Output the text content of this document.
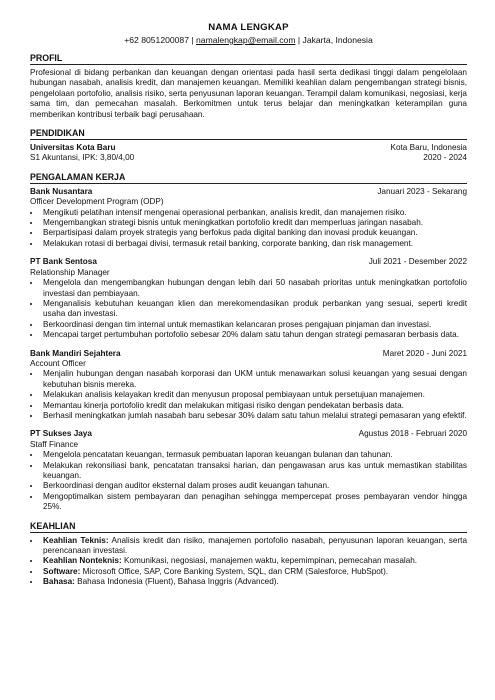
NAMA LENGKAP
+62 8051200087 | namalengkap@email.com | Jakarta, Indonesia
PROFIL
Profesional di bidang perbankan dan keuangan dengan orientasi pada hasil serta dedikasi tinggi dalam pengelolaan hubungan nasabah, analisis kredit, dan manajemen keuangan. Memiliki keahlian dalam pengembangan strategi bisnis, pengelolaan portofolio, analisis risiko, serta penyusunan laporan keuangan. Terampil dalam komunikasi, negosiasi, kerja sama tim, dan pemecahan masalah. Berkomitmen untuk terus belajar dan meningkatkan keterampilan guna memberikan kontribusi terbaik bagi perusahaan.
PENDIDIKAN
Universitas Kota Baru	Kota Baru, Indonesia
S1 Akuntansi, IPK: 3,80/4,00	2020 - 2024
PENGALAMAN KERJA
Bank Nusantara	Januari 2023 - Sekarang
Officer Development Program (ODP)
• Mengikuti pelatihan intensif mengenai operasional perbankan, analisis kredit, dan manajemen risiko.
• Mengembangkan strategi bisnis untuk meningkatkan portofolio kredit dan memperluas jaringan nasabah.
• Berpartisipasi dalam proyek strategis yang berfokus pada digital banking dan inovasi produk keuangan.
• Melakukan rotasi di berbagai divisi, termasuk retail banking, corporate banking, dan risk management.
PT Bank Sentosa	Juli 2021 - Desember 2022
Relationship Manager
• Mengelola dan mengembangkan hubungan dengan lebih dari 50 nasabah prioritas untuk meningkatkan portofolio investasi dan pembiayaan.
• Menganalisis kebutuhan keuangan klien dan merekomendasikan produk perbankan yang sesuai, seperti kredit usaha dan investasi.
• Berkoordinasi dengan tim internal untuk memastikan kelancaran proses pengajuan pinjaman dan investasi.
• Mencapai target pertumbuhan portofolio sebesar 20% dalam satu tahun dengan strategi pemasaran berbasis data.
Bank Mandiri Sejahtera	Maret 2020 - Juni 2021
Account Officer
• Menjalin hubungan dengan nasabah korporasi dan UKM untuk menawarkan solusi keuangan yang sesuai dengan kebutuhan bisnis mereka.
• Melakukan analisis kelayakan kredit dan menyusun proposal pembiayaan untuk persetujuan manajemen.
• Memantau kinerja portofolio kredit dan melakukan mitigasi risiko dengan pendekatan berbasis data.
• Berhasil meningkatkan jumlah nasabah baru sebesar 30% dalam satu tahun melalui strategi pemasaran yang efektif.
PT Sukses Jaya	Agustus 2018 - Februari 2020
Staff Finance
• Mengelola pencatatan keuangan, termasuk pembuatan laporan keuangan bulanan dan tahunan.
• Melakukan rekonsiliasi bank, pencatatan transaksi harian, dan pengawasan arus kas untuk memastikan stabilitas keuangan.
• Berkoordinasi dengan auditor eksternal dalam proses audit keuangan tahunan.
• Mengoptimalkan sistem pembayaran dan penagihan sehingga mempercepat proses pembayaran vendor hingga 25%.
KEAHLIAN
• Keahlian Teknis: Analisis kredit dan risiko, manajemen portofolio nasabah, penyusunan laporan keuangan, serta perencanaan investasi.
• Keahlian Nonteknis: Komunikasi, negosiasi, manajemen waktu, kepemimpinan, pemecahan masalah.
• Software: Microsoft Office, SAP, Core Banking System, SQL, dan CRM (Salesforce, HubSpot).
• Bahasa: Bahasa Indonesia (Fluent), Bahasa Inggris (Advanced).
